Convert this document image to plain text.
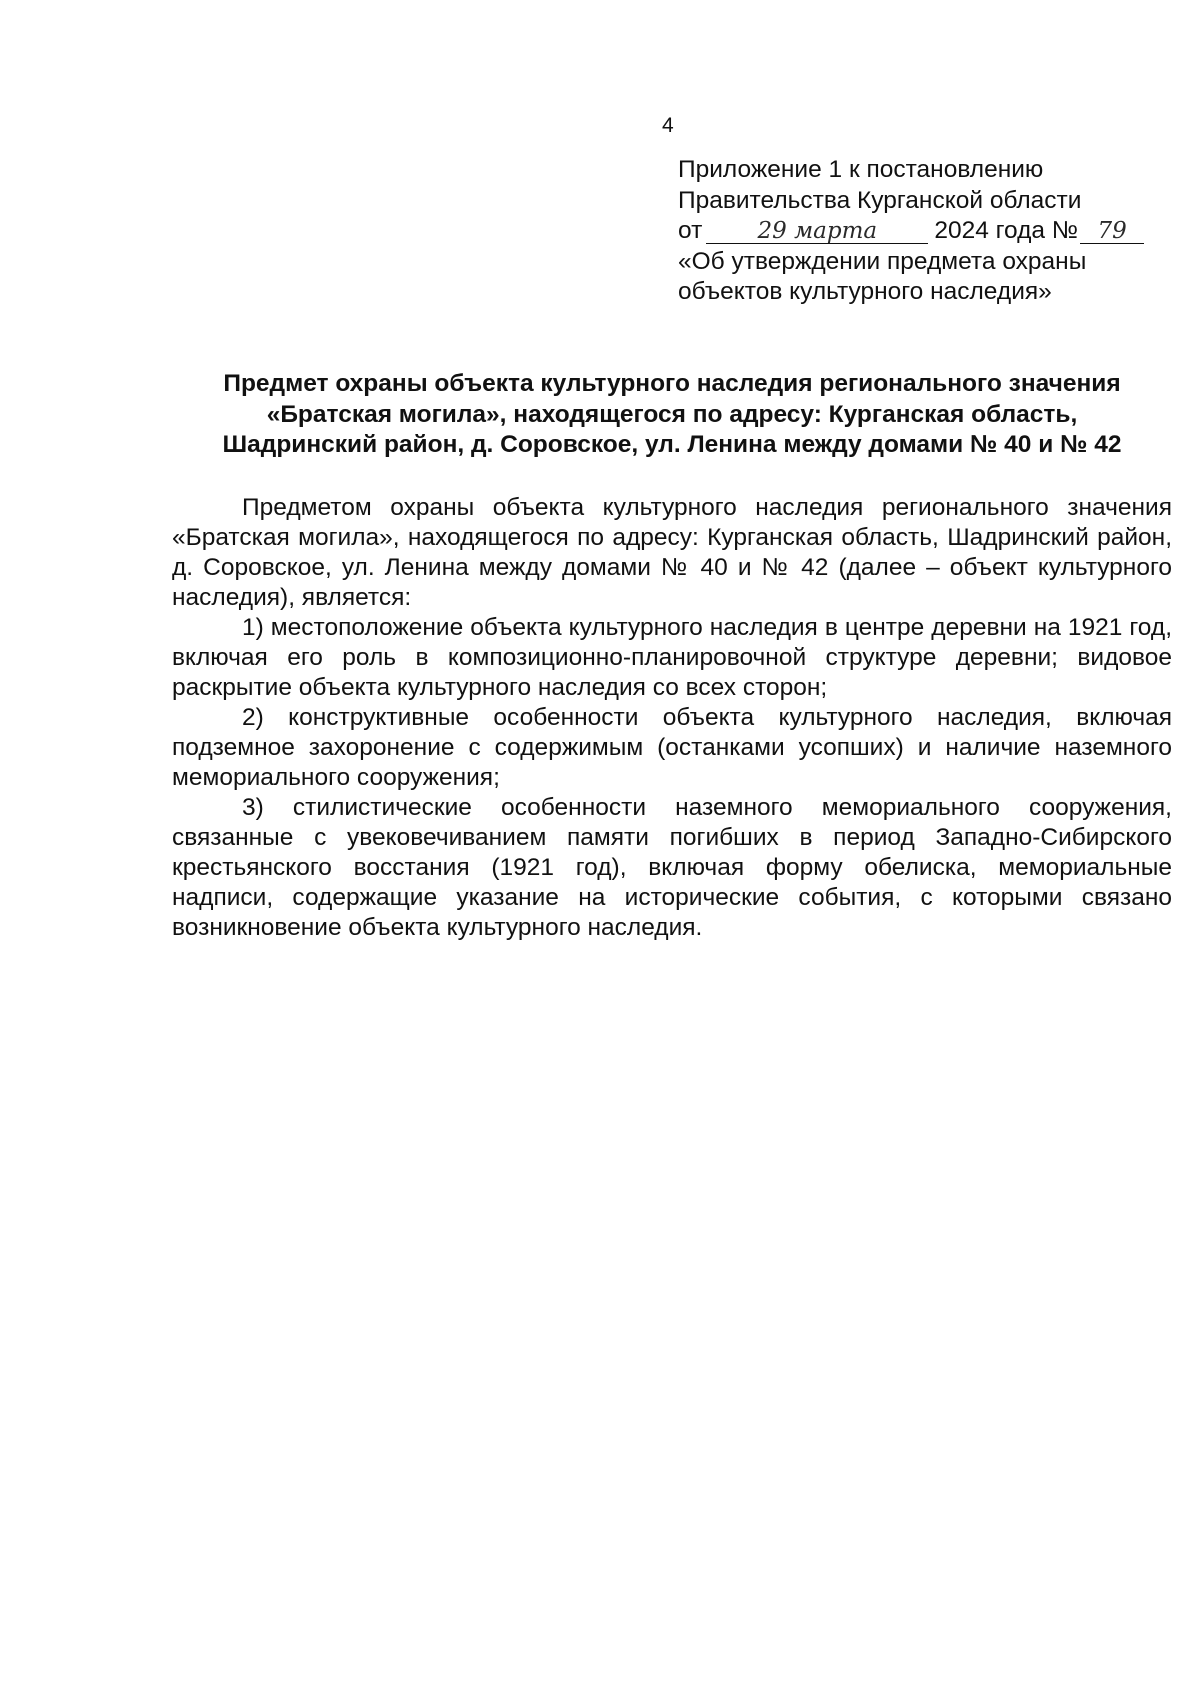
4
Приложение 1 к постановлению
Правительства Курганской области
от 29 марта 2024 года № 79
«Об утверждении предмета охраны
объектов культурного наследия»
Предмет охраны объекта культурного наследия регионального значения
«Братская могила», находящегося по адресу: Курганская область,
Шадринский район, д. Соровское, ул. Ленина между домами № 40 и № 42

Предметом охраны объекта культурного наследия регионального значения «Братская могила», находящегося по адресу: Курганская область, Шадринский район, д. Соровское, ул. Ленина между домами № 40 и № 42 (далее – объект культурного наследия), является:

1) местоположение объекта культурного наследия в центре деревни на 1921 год, включая его роль в композиционно-планировочной структуре деревни; видовое раскрытие объекта культурного наследия со всех сторон;

2) конструктивные особенности объекта культурного наследия, включая подземное захоронение с содержимым (останками усопших) и наличие наземного мемориального сооружения;

3) стилистические особенности наземного мемориального сооружения, связанные с увековечиванием памяти погибших в период Западно-Сибирского крестьянского восстания (1921 год), включая форму обелиска, мемориальные надписи, содержащие указание на исторические события, с которыми связано возникновение объекта культурного наследия.
